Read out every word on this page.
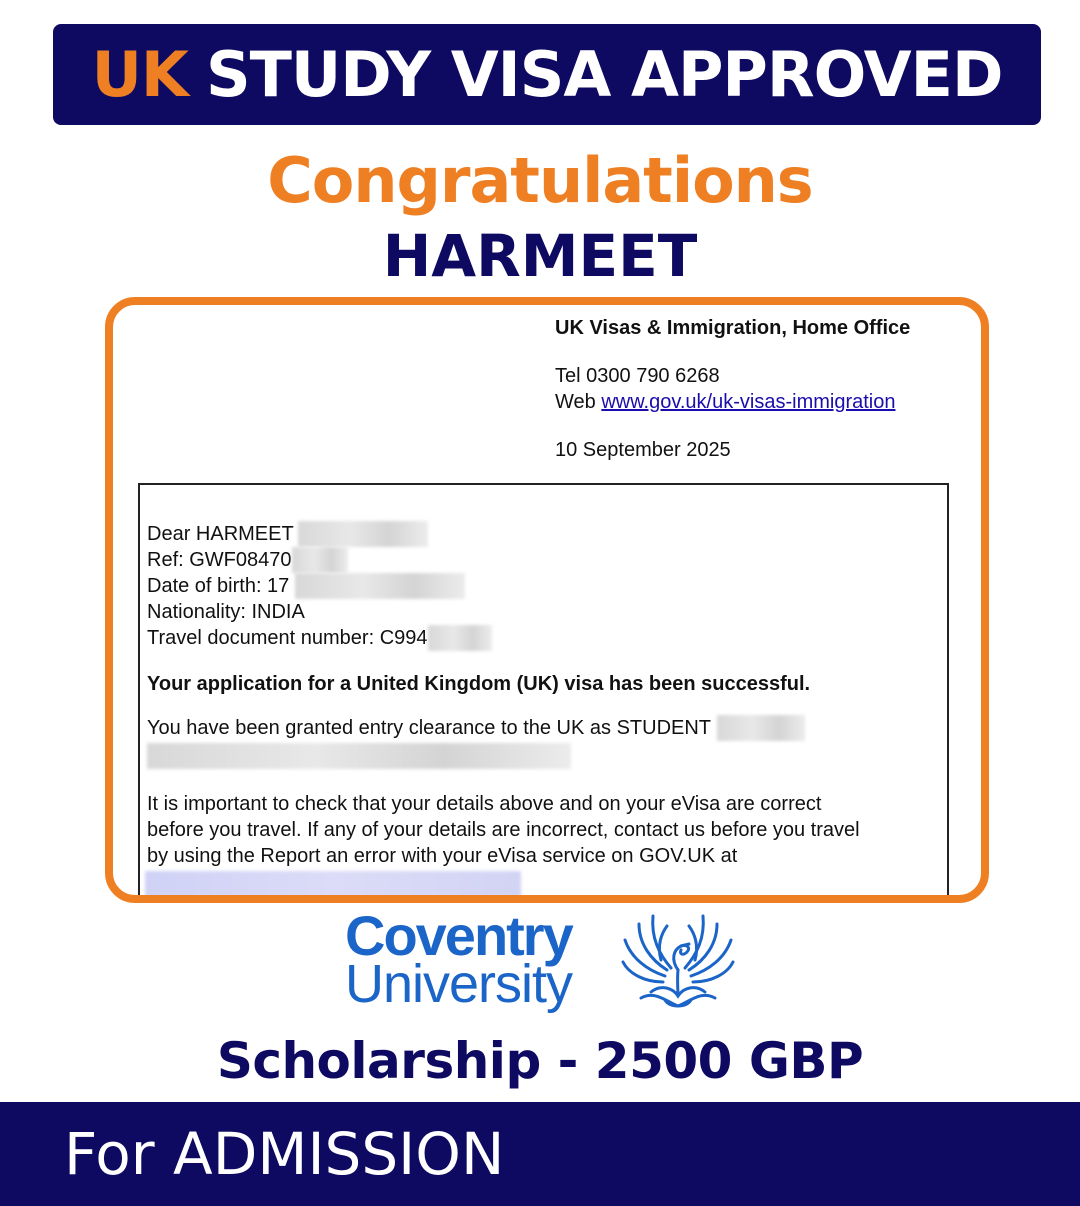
UK STUDY VISA APPROVED
Congratulations
HARMEET
UK Visas & Immigration, Home Office
Tel 0300 790 6268
Web www.gov.uk/uk-visas-immigration
10 September 2025
Dear HARMEET
Ref: GWF08470
Date of birth: 17
Nationality: INDIA
Travel document number: C994
Your application for a United Kingdom (UK) visa has been successful.
You have been granted entry clearance to the UK as STUDENT
It is important to check that your details above and on your eVisa are correct
before you travel. If any of your details are incorrect, contact us before you travel
by using the Report an error with your eVisa service on GOV.UK at
Coventry
University
Scholarship - 2500 GBP
For ADMISSION
